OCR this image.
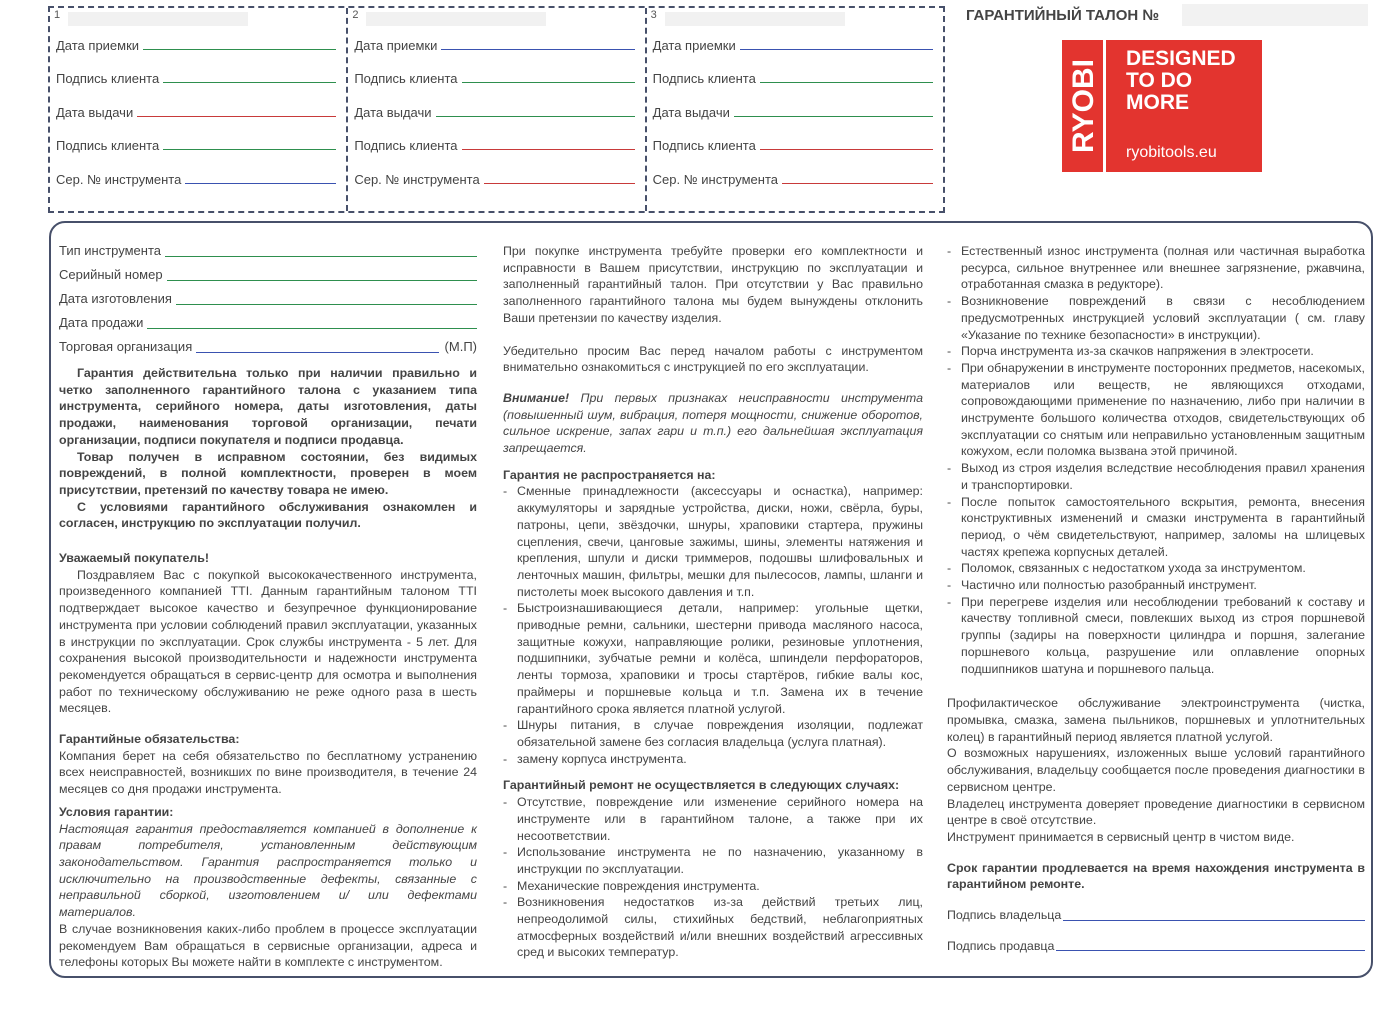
1
Дата приемки
Подпись клиента
Дата выдачи
Подпись клиента
Сер. № инструмента
2
Дата приемки
Подпись клиента
Дата выдачи
Подпись клиента
Сер. № инструмента
3
Дата приемки
Подпись клиента
Дата выдачи
Подпись клиента
Сер. № инструмента
ГАРАНТИЙНЫЙ ТАЛОН №
RYOBI
DESIGNED
TO DO
MORE
ryobitools.eu
Тип инструмента
Серийный номер
Дата изготовления
Дата продажи
Торговая организация	(М.П)

Гарантия действительна только при наличии правильно и четко заполненного гарантийного талона с указанием типа инструмента, серийного номера, даты изготовления, даты продажи, наименования торговой организации, печати организации, подписи покупателя и подписи продавца.

Товар получен в исправном состоянии, без видимых повреждений, в полной комплектности, проверен в моем присутствии, претензий по качеству товара не имею.

С условиями гарантийного обслуживания ознакомлен и согласен, инструкцию по эксплуатации получил.

Уважаемый покупатель!

Поздравляем Вас с покупкой высококачественного инструмента, произведенного компанией TTI. Данным гарантийным талоном TTI подтверждает высокое качество и безупречное функционирование инструмента при условии соблюдений правил эксплуатации, указанных в инструкции по эксплуатации. Срок службы инструмента - 5 лет. Для сохранения высокой производительности и надежности инструмента рекомендуется обращаться в сервис-центр для осмотра и выполнения работ по техническому обслуживанию не реже одного раза в шесть месяцев.

Гарантийные обязательства:

Компания берет на себя обязательство по бесплатному устранению всех неисправностей, возникших по вине производителя, в течение 24 месяцев со дня продажи инструмента.

Условия гарантии:

Настоящая гарантия предоставляется компанией в дополнение к правам потребителя, установленным действующим законодательством. Гарантия распространяется только и исключительно на производственные дефекты, связанные с неправильной сборкой, изготовлением и/ или дефектами материалов.

В случае возникновения каких-либо проблем в процессе эксплуатации рекомендуем Вам обращаться в сервисные организации, адреса и телефоны которых Вы можете найти в комплекте с инструментом.

При покупке инструмента требуйте проверки его комплектности и исправности в Вашем присутствии, инструкцию по эксплуатации и заполненный гарантийный талон. При отсутствии у Вас правильно заполненного гарантийного талона мы будем вынуждены отклонить Ваши претензии по качеству изделия.

Убедительно просим Вас перед началом работы с инструментом внимательно ознакомиться с инструкцией по его эксплуатации.

Внимание! При первых признаках неисправности инструмента (повышенный шум, вибрация, потеря мощности, снижение оборотов, сильное искрение, запах гари и т.п.) его дальнейшая эксплуатация запрещается.

Гарантия не распространяется на:

- Сменные принадлежности (аксессуары и оснастка), например: аккумуляторы и зарядные устройства, диски, ножи, свёрла, буры, патроны, цепи, звёздочки, шнуры, храповики стартера, пружины сцепления, свечи, цанговые зажимы, шины, элементы натяжения и крепления, шпули и диски триммеров, подошвы шлифовальных и ленточных машин, фильтры, мешки для пылесосов, лампы, шланги и пистолеты моек высокого давления и т.п.
- Быстроизнашивающиеся детали, например: угольные щетки, приводные ремни, сальники, шестерни привода масляного насоса, защитные кожухи, направляющие ролики, резиновые уплотнения, подшипники, зубчатые ремни и колёса, шпиндели перфораторов, ленты тормоза, храповики и тросы стартёров, гибкие валы кос, праймеры и поршневые кольца и т.п. Замена их в течение гарантийного срока является платной услугой.
- Шнуры питания, в случае повреждения изоляции, подлежат обязательной замене без согласия владельца (услуга платная).
- замену корпуса инструмента.

Гарантийный ремонт не осуществляется в следующих случаях:

- Отсутствие, повреждение или изменение серийного номера на инструменте или в гарантийном талоне, а также при их несоответствии.
- Использование инструмента не по назначению, указанному в инструкции по эксплуатации.
- Механические повреждения инструмента.
- Возникновения недостатков из-за действий третьих лиц, непреодолимой силы, стихийных бедствий, неблагоприятных атмосферных воздействий и/или внешних воздействий агрессивных сред и высоких температур.
- Естественный износ инструмента (полная или частичная выработка ресурса, сильное внутреннее или внешнее загрязнение, ржавчина, отработанная смазка в редукторе).
- Возникновение повреждений в связи с несоблюдением предусмотренных инструкцией условий эксплуатации ( см. главу «Указание по технике безопасности» в инструкции).
- Порча инструмента из-за скачков напряжения в электросети.
- При обнаружении в инструменте посторонних предметов, насекомых, материалов или веществ, не являющихся отходами, сопровождающими применение по назначению, либо при наличии в инструменте большого количества отходов, свидетельствующих об эксплуатации со снятым или неправильно установленным защитным кожухом, если поломка вызвана этой причиной.
- Выход из строя изделия вследствие несоблюдения правил хранения и транспортировки.
- После попыток самостоятельного вскрытия, ремонта, внесения конструктивных изменений и смазки инструмента в гарантийный период, о чём свидетельствуют, например, заломы на шлицевых частях крепежа корпусных деталей.
- Поломок, связанных с недостатком ухода за инструментом.
- Частично или полностью разобранный инструмент.
- При перегреве изделия или несоблюдении требований к составу и качеству топливной смеси, повлекших выход из строя поршневой группы (задиры на поверхности цилиндра и поршня, залегание поршневого кольца, разрушение или оплавление опорных подшипников шатуна и поршневого пальца.

Профилактическое обслуживание электроинструмента (чистка, промывка, смазка, замена пыльников, поршневых и уплотнительных колец) в гарантийный период является платной услугой.

О возможных нарушениях, изложенных выше условий гарантийного обслуживания, владельцу сообщается после проведения диагностики в сервисном центре.

Владелец инструмента доверяет проведение диагностики в сервисном центре в своё отсутствие.

Инструмент принимается в сервисный центр в чистом виде.

Срок гарантии продлевается на время нахождения инструмента в гарантийном ремонте.

Подпись владельца
Подпись продавца
